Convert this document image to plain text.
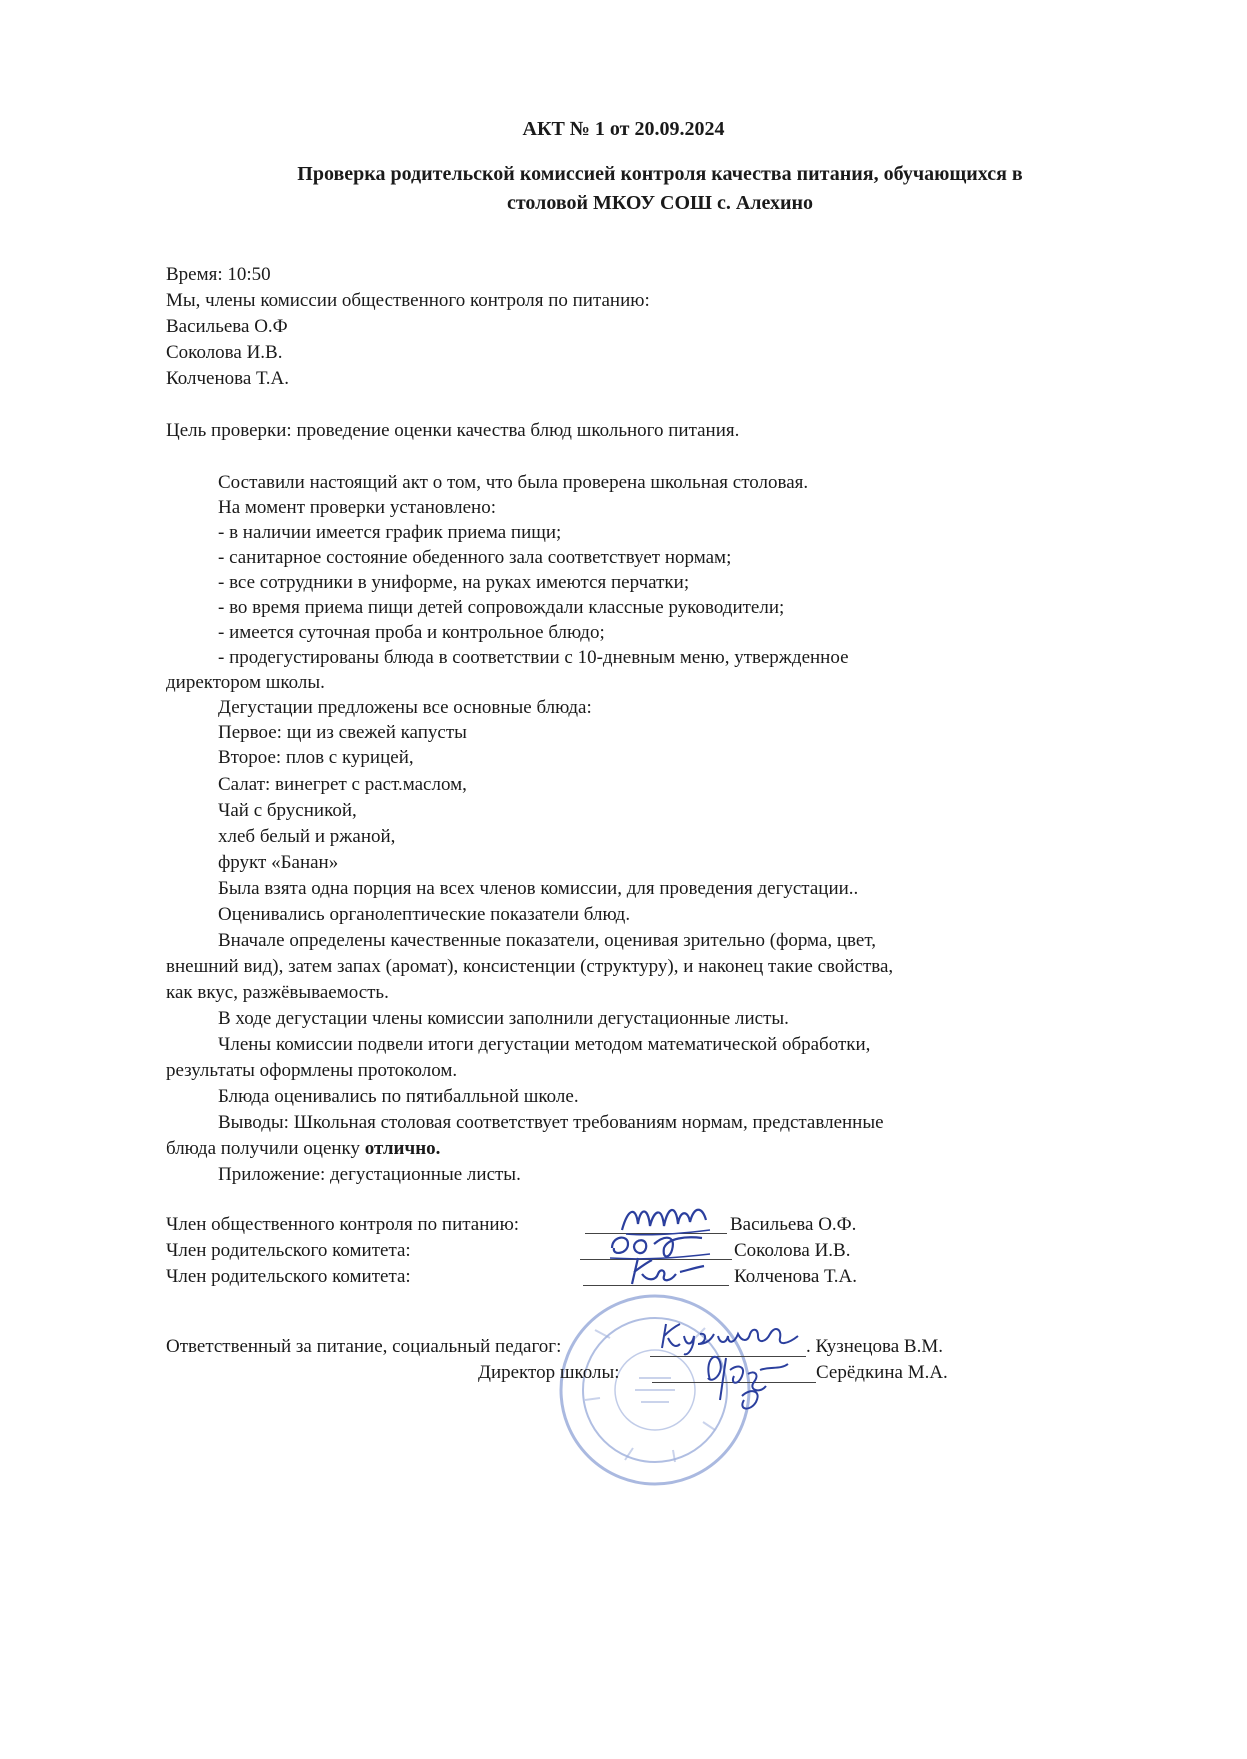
АКТ № 1 от 20.09.2024
Проверка родительской комиссией контроля качества питания, обучающихся в
столовой МКОУ СОШ с. Алехино
Время: 10:50
Мы, члены комиссии общественного контроля по питанию:
Васильева О.Ф
Соколова И.В.
Колченова Т.А.
Цель проверки: проведение оценки качества блюд школьного питания.
Составили настоящий акт о том, что была проверена школьная столовая.
На момент проверки установлено:
- в наличии имеется график приема пищи;
- санитарное состояние обеденного зала соответствует нормам;
- все сотрудники в униформе, на руках имеются перчатки;
- во время приема пищи детей сопровождали классные руководители;
- имеется суточная проба и контрольное блюдо;
- продегустированы блюда в соответствии с 10-дневным меню, утвержденное
директором школы.
Дегустации предложены все основные блюда:
Первое: щи из свежей капусты
Второе: плов с курицей,
Салат: винегрет с раст.маслом,
Чай с брусникой,
хлеб белый и ржаной,
фрукт «Банан»
Была взята одна порция на всех членов комиссии, для проведения дегустации..
Оценивались органолептические показатели блюд.
Вначале определены качественные показатели, оценивая зрительно (форма, цвет,
внешний вид), затем запах (аромат), консистенции (структуру), и наконец такие свойства,
как вкус, разжёвываемость.
В ходе дегустации члены комиссии заполнили дегустационные листы.
Члены комиссии подвели итоги дегустации методом математической обработки,
результаты оформлены протоколом.
Блюда оценивались по пятибалльной школе.
Выводы: Школьная столовая соответствует требованиям нормам, представленные
блюда получили оценку отлично.
Приложение: дегустационные листы.
Член общественного контроля по питанию:	Васильева О.Ф.
Член родительского комитета:	Соколова И.В.
Член родительского комитета:	Колченова Т.А.
Ответственный за питание, социальный педагог:	. Кузнецова В.М.
Директор школы:	Серёдкина М.А.
